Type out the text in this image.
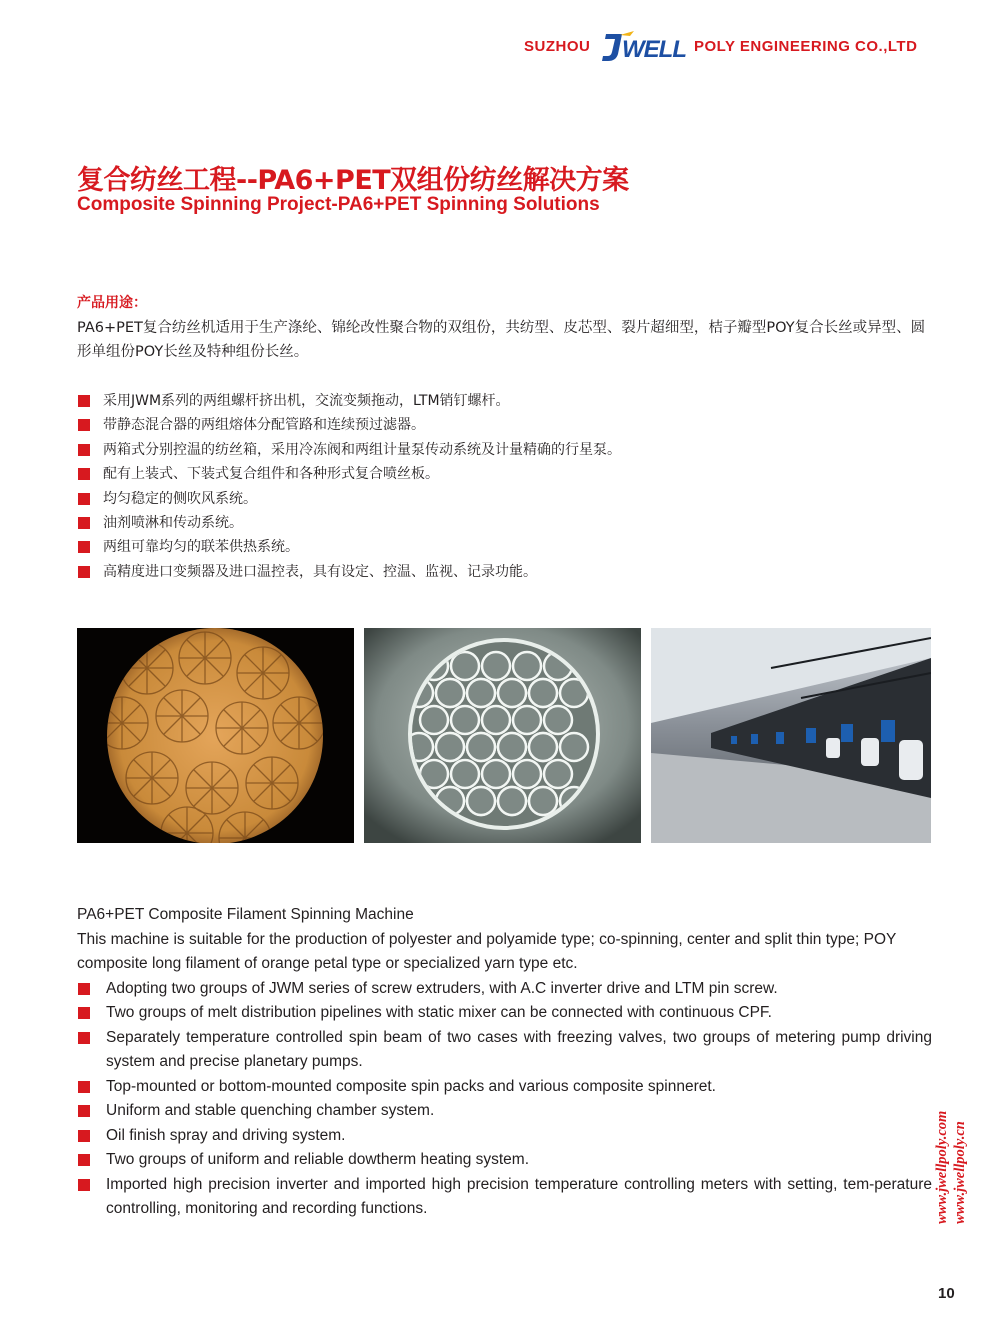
SUZHOU WELL POLY ENGINEERING CO.,LTD
复合纺丝工程--PA6+PET双组份纺丝解决方案
Composite Spinning Project-PA6+PET Spinning Solutions
产品用途：
PA6+PET复合纺丝机适用于生产涤纶、锦纶改性聚合物的双组份，共纺型、皮芯型、裂片超细型，桔子瓣型POY复合长丝或异型、圆形单组份POY长丝及特种组份长丝。
采用JWM系列的两组螺杆挤出机，交流变频拖动，LTM销钉螺杆。
带静态混合器的两组熔体分配管路和连续预过滤器。
两箱式分别控温的纺丝箱，采用冷冻阀和两组计量泵传动系统及计量精确的行星泵。
配有上装式、下装式复合组件和各种形式复合喷丝板。
均匀稳定的侧吹风系统。
油剂喷淋和传动系统。
两组可靠均匀的联苯供热系统。
高精度进口变频器及进口温控表，具有设定、控温、监视、记录功能。
PA6+PET Composite Filament Spinning Machine
This machine is suitable for the production of polyester and polyamide type; co-spinning, center and split thin type; POY composite long filament of orange petal type or specialized yarn type etc.
Adopting two groups of JWM series of screw extruders, with A.C inverter drive and LTM pin screw.
Two groups of melt distribution pipelines with static mixer can be connected with continuous CPF.
Separately temperature controlled spin beam of two cases with freezing valves, two groups of metering pump driving system and precise planetary pumps.
Top-mounted or bottom-mounted composite spin packs and various composite spinneret.
Uniform and stable quenching chamber system.
Oil finish spray and driving system.
Two groups of uniform and reliable dowtherm heating system.
Imported high precision inverter and imported high precision temperature controlling meters with setting, tem-perature controlling, monitoring and recording functions.	www.jwellpoly.com www.jwellpoly.cn
10
